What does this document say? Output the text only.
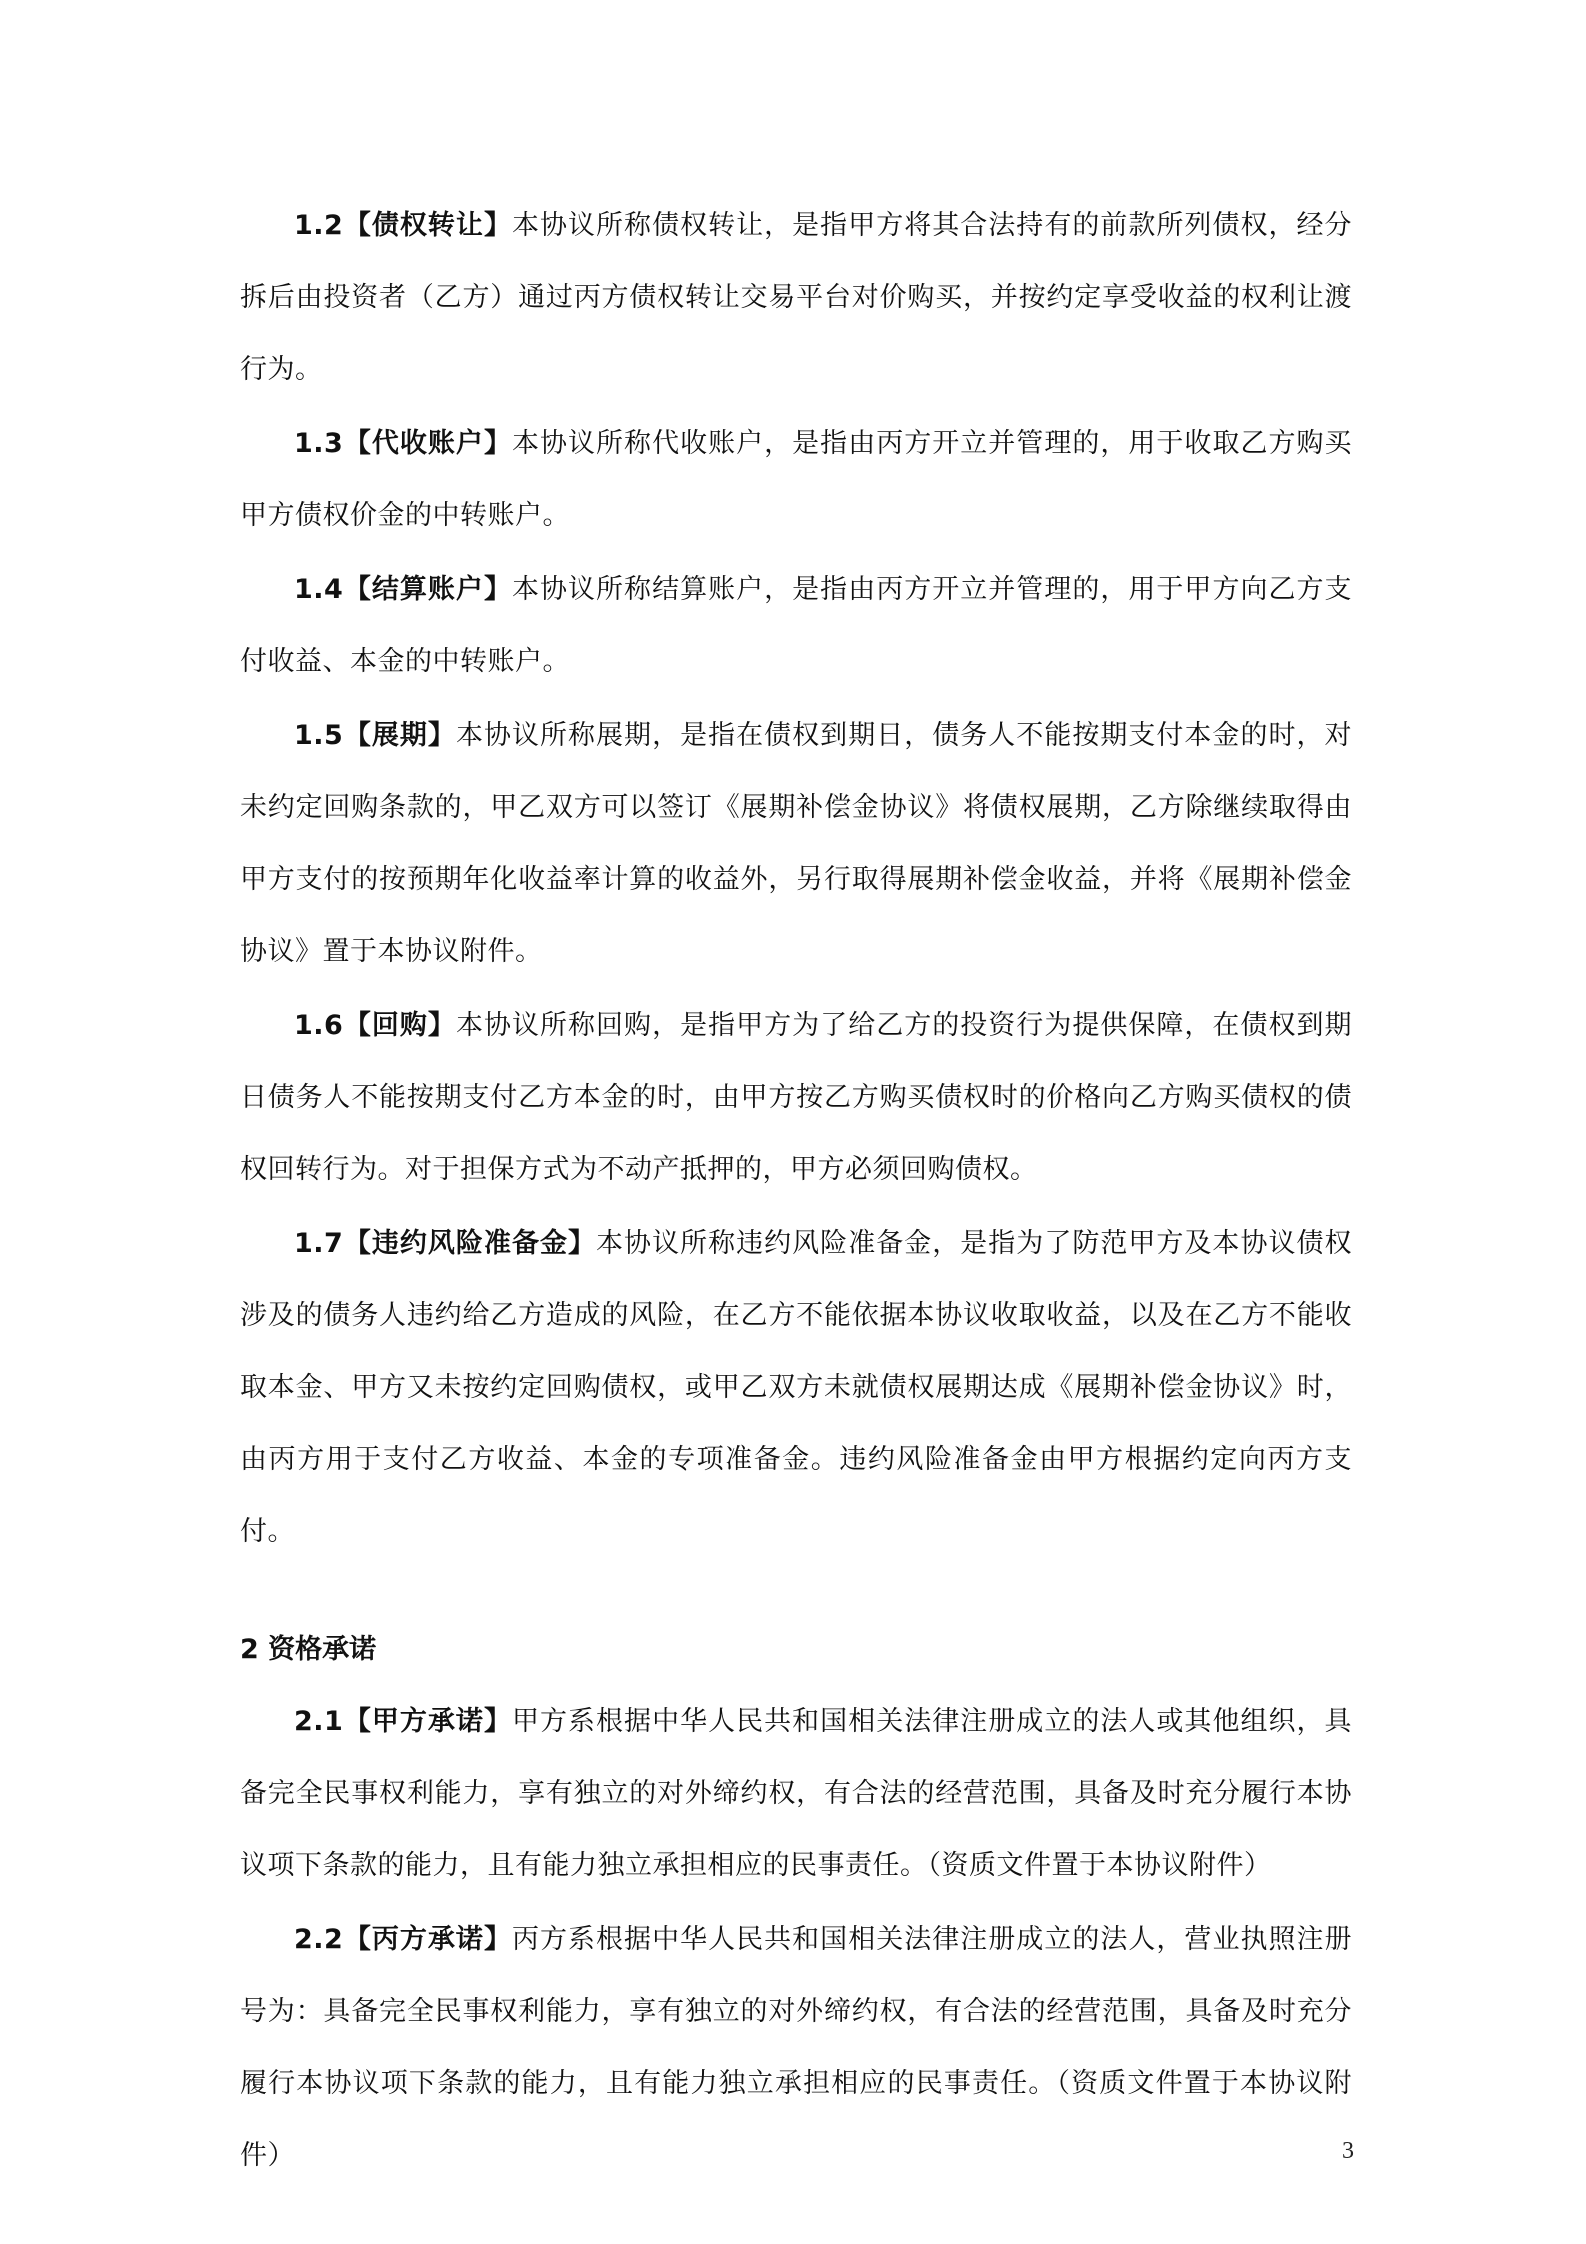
1.2【债权转让】本协议所称债权转让，是指甲方将其合法持有的前款所列债权，经分拆后由投资者（乙方）通过丙方债权转让交易平台对价购买，并按约定享受收益的权利让渡行为。

1.3【代收账户】本协议所称代收账户，是指由丙方开立并管理的，用于收取乙方购买甲方债权价金的中转账户。

1.4【结算账户】本协议所称结算账户，是指由丙方开立并管理的，用于甲方向乙方支付收益、本金的中转账户。

1.5【展期】本协议所称展期，是指在债权到期日，债务人不能按期支付本金的时，对未约定回购条款的，甲乙双方可以签订《展期补偿金协议》将债权展期，乙方除继续取得由甲方支付的按预期年化收益率计算的收益外，另行取得展期补偿金收益，并将《展期补偿金协议》置于本协议附件。

1.6【回购】本协议所称回购，是指甲方为了给乙方的投资行为提供保障，在债权到期日债务人不能按期支付乙方本金的时，由甲方按乙方购买债权时的价格向乙方购买债权的债权回转行为。对于担保方式为不动产抵押的，甲方必须回购债权。

1.7【违约风险准备金】本协议所称违约风险准备金，是指为了防范甲方及本协议债权涉及的债务人违约给乙方造成的风险，在乙方不能依据本协议收取收益，以及在乙方不能收取本金、甲方又未按约定回购债权，或甲乙双方未就债权展期达成《展期补偿金协议》时，由丙方用于支付乙方收益、本金的专项准备金。违约风险准备金由甲方根据约定向丙方支付。

2 资格承诺

2.1【甲方承诺】甲方系根据中华人民共和国相关法律注册成立的法人或其他组织，具备完全民事权利能力，享有独立的对外缔约权，有合法的经营范围，具备及时充分履行本协议项下条款的能力，且有能力独立承担相应的民事责任。（资质文件置于本协议附件）

2.2【丙方承诺】丙方系根据中华人民共和国相关法律注册成立的法人，营业执照注册号为：具备完全民事权利能力，享有独立的对外缔约权，有合法的经营范围，具备及时充分履行本协议项下条款的能力，且有能力独立承担相应的民事责任。（资质文件置于本协议附件）	3
